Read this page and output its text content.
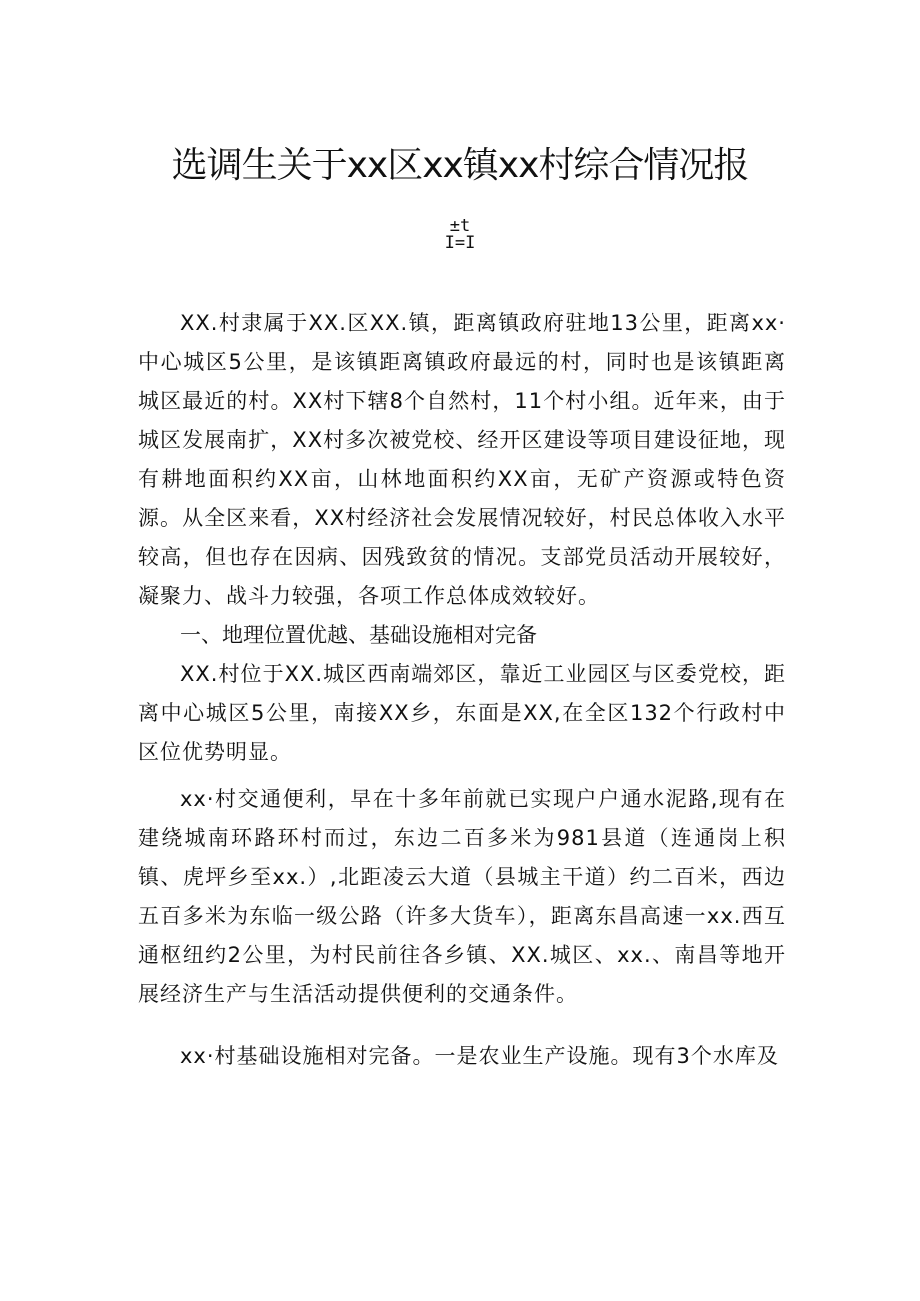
选调生关于xx区xx镇xx村综合情况报
±t
I=I

XX.村隶属于XX.区XX.镇，距离镇政府驻地13公里，距离xx·中心城区5公里，是该镇距离镇政府最远的村，同时也是该镇距离城区最近的村。XX村下辖8个自然村，11个村小组。近年来，由于城区发展南扩，XX村多次被党校、经开区建设等项目建设征地，现有耕地面积约XX亩，山林地面积约XX亩，无矿产资源或特色资源。从全区来看，XX村经济社会发展情况较好，村民总体收入水平较高，但也存在因病、因残致贫的情况。支部党员活动开展较好，凝聚力、战斗力较强，各项工作总体成效较好。

一、地理位置优越、基础设施相对完备

XX.村位于XX.城区西南端郊区，靠近工业园区与区委党校，距离中心城区5公里，南接XX乡，东面是XX,在全区132个行政村中区位优势明显。

xx·村交通便利，早在十多年前就已实现户户通水泥路,现有在建绕城南环路环村而过，东边二百多米为981县道（连通岗上积镇、虎坪乡至xx.）,北距凌云大道（县城主干道）约二百米，西边五百多米为东临一级公路（许多大货车），距离东昌高速一xx.西互通枢纽约2公里，为村民前往各乡镇、XX.城区、xx.、南昌等地开展经济生产与生活活动提供便利的交通条件。

xx·村基础设施相对完备。一是农业生产设施。现有3个水库及
